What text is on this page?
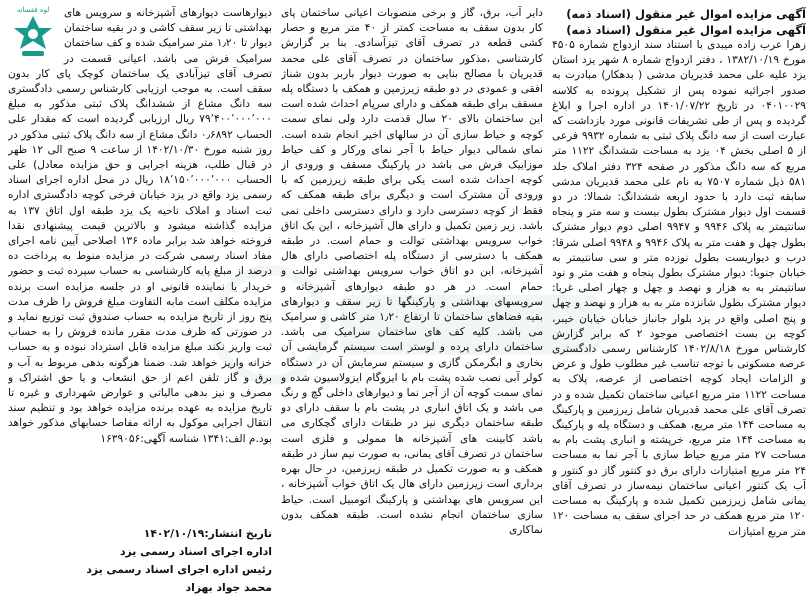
آگهی مزایده اموال غیر منقول (اسناد ذمه)

آگهی مزایده اموال غیر منقول (اسناد ذمه)

زهرا عرب زاده میبدی با استناد سند ازدواج شماره ۴۵۰۵ مورخ ۱۳۸۲/۱۰/۱۹ ، دفتر ازدواج شماره ۸ شهر یزد استان یزد علیه علی محمد قدیریان مدشی ( بدهکار) مبادرت به صدور اجرائیه نموده پس از تشکیل پرونده به کلاسه ۰۴۰۱۰۰۲۹ در تاریخ ۱۴۰۱/۰۷/۲۲ در اداره اجرا و ابلاغ گردیده و پس از طی تشریفات قانونی مورد بازداشت که عبارت است از سه دانگ پلاک ثبتی به شماره ۹۹۳۲ فرعی از ۵ اصلی بخش ۰۴ یزد به مساحت ششدانگ ۱۱۲۲ متر مربع که سه دانگ مذکور در صفحه ۳۲۴ دفتر املاک جلد ۵۸۱ ذیل شماره ۷۵۰۷ به نام علی محمد قدیریان مدشی سابقه ثبت دارد با حدود اربعه ششدانگ: شمالا: در دو قسمت اول دیوار مشترک بطول بیست و سه متر و پنجاه سانتیمتر به پلاک ۹۹۴۶ و ۹۹۴۷ اصلی دوم دیوار مشترک بطول چهل و هفت متر به پلاک ۹۹۴۶ و ۹۹۴۸ اصلی شرقا: درب و دیواریست بطول نوزده متر و سی سانتیمتر به خیابان جنوبا: دیوار مشترک بطول پنجاه و هفت متر و نود سانتیمتر به به هزار و نهصد و چهل و چهار اصلی غربا: دیوار مشترک بطول شانزده متر به به هزار و نهصد و چهل و پنج اصلی واقع در یزد بلوار جانباز خیابان خیابان خیبر، کوچه بن بست اختصاصی موجود ۲ که برابر گزارش کارشناس مورخ ۱۴۰۲/۸/۱۸ کارشناس رسمی دادگستری عرصه مسکونی با توجه تناسب غیر مطلوب طول و عرض و الزامات ایجاد کوچه اختصاصی از عرصه، پلاک به مساحت ۱۱۲۲ متر مربع اعیانی ساختمان تکمیل شده و در تصرف آقای علی محمد قدیریان شامل زیرزمین و پارکینگ به مساحت ۱۴۴ متر مربع، همکف و دستگاه پله و پارکینگ به مساحت ۱۴۴ متر مربع، خرپشته و انباری پشت بام به مساحت ۲۷ متر مربع حیاط سازی با آجر نما به مساحت ۲۴ متر مربع امتیازات دارای برق دو کنتور گاز دو کنتور و آب یک کنتور اعیانی ساختمان نیمه‌ساز در تصرف آقای یمانی شامل زیرزمین تکمیل شده و پارکینگ به مساحت ۱۲۰ متر مربع همکف در حد اجرای سقف به مساحت ۱۲۰ متر مربع امتیازات

دایر آب، برق، گاز و برخی منصوبات اعیانی ساختمان پای کار بدون سقف به مساحت کمتر از ۴۰ متر مربع و حصار کشی قطعه در تصرف آقای تیزآسادی. بنا بر گزارش کارشناسی ،مذکور ساختمان در تصرف آقای علی محمد قدیریان با مصالح بنایی به صورت دیوار باربر بدون شناژ افقی و عمودی در دو طبقه زیرزمین و همکف با دستگاه پله مسقف برای طبقه همکف و دارای سرپام احداث شده است این ساختمان بالای ۲۰ سال قدمت دارد ولی نمای سمت کوچه و حیاط سازی آن در سالهای اخیر انجام شده است. نمای شمالی دیوار حیاط با آجر نمای ورکار و کف حیاط موزاییک فرش می باشد در پارکینگ مسقف و ورودی از کوچه احداث شده است یکی برای طبقه زیرزمین که با ورودی آن مشترک است و دیگری برای طبقه همکف که فقط از کوچه دسترسی دارد و دارای دسترسی داخلی نمی باشد. زیر زمین تکمیل و دارای هال آشپزخانه ، این یک اتاق خواب سرویس بهداشتی توالت و حمام است. در طبقه همکف با دسترسی از دستگاه پله اختصاصی دارای هال آشپزخانه، این دو اتاق خواب سرویس بهداشتی توالت و حمام است. در هر دو طبقه دیوارهای آشپزخانه و سرویسهای بهداشتی و پارکینگها تا زیر سقف و دیوارهای بقیه فضاهای ساختمان تا ارتفاع ۱٫۲۰ متر کاشی و سرامیک می باشد. کلیه کف های ساختمان سرامیک می باشد. ساختمان دارای پرده و لوستر است سیستم گرمایشی آن بخاری و ابگرمکن گازی و سیستم سرمایش آن در دستگاه کولر آبی نصب شده پشت بام با ایزوگام ایزولاسیون شده و نمای سمت کوچه آن از آجر نما و دیوارهای داخلی گچ و رنگ می باشد و یک اتاق انباری در پشت بام با سقف دارای دو طبقه ساختمان دیگری نیز در طبقات دارای گچکاری می باشد کابینت های آشپزخانه ها ممولی و فلزی است ساختمان در تصرف آقای یمانی، به صورت نیم ساز در طبقه همکف و به صورت تکمیل در طبقه زیرزمین، در حال بهره برداری است زیرزمین دارای هال یک اتاق خواب آشپزخانه ، این سرویس های بهداشتی و پارکینگ اتومبیل است. حیاط سازی ساختمان انجام نشده است. طبقه همکف بدون نماکاری

دیوارهاست دیوارهای آشپزخانه و سرویس های بهداشتی تا زیر سقف کاشی و در بقیه ساختمان دیوار تا ۱٫۲۰ متر سرامیک شده و کف ساختمان سرامیک فرش می باشد. اعیانی قسمت در تصرف آقای تیزآبادی یک ساختمان کوچک پای کار بدون سقف است. به موجب ارزیابی کارشناس رسمی دادگستری سه دانگ مشاع از ششدانگ پلاک ثبتی مذکور به مبلغ ۷۹٬۴۰۰٬۰۰۰٬۰۰۰ ریال ارزیابی گردیده است که مقدار علی الحساب ۰٫۶۸۹۲ دانگ مشاع از سه دانگ پلاک ثبتی مذکور در روز شنبه مورخ ۱۴۰۲/۱۰/۳۰ از ساعت ۹ صبح الی ۱۲ ظهر در قبال طلب، هزینه اجرایی و حق مزایده معادل) علی الحساب ۱۸٬۱۵۰٬۰۰۰٬۰۰۰ ریال در محل اداره اجرای اسناد رسمی یزد واقع در یزد خیابان فرخی کوچه دادگستری اداره ثبت اسناد و املاک ناحیه یک یزد طبقه اول اتاق ۱۳۷ به مزایده گذاشته میشود و بالاترین قیمت پیشنهادی نقدا فروخته خواهد شد برابر ماده ۱۳۶ اصلاحی آیین نامه اجرای مفاد اسناد رسمی شرکت در مزایده منوط به پرداخت ده درصد از مبلغ پایه کارشناسی به حساب سپرده ثبت و حضور خریدار یا نماینده قانونی او در جلسه مزایده است برنده مزایده مکلف است مابه التفاوت مبلغ فروش را ظرف مدت پنج روز از تاریخ مزایده به حساب صندوق ثبت توزیع نماید و در صورتی که ظرف مدت مقرر مانده فروش را به حساب ثبت واریز نکند مبلغ مزایده قابل استرداد نبوده و به حساب خزانه واریز خواهد شد. ضمنا هرگونه بدهی مربوط به آب و برق و گاز تلفن اعم از حق انشعاب و یا حق اشتراک و مصرف و نیز بدهی مالیاتی و عوارض شهرداری و غیره تا تاریخ مزایده به عهده برنده مزایده خواهد بود و تنظیم سند انتقال اجرایی موکول به ارائه مفاصا حسابهای مذکور خواهد بود.م الف:۱۳۴۱ شناسه آگهی:۱۶۳۹۰۵۶

تاریخ انتشار:۱۴۰۲/۱۰/۱۹
اداره اجرای اسناد رسمی یزد
رئیس اداره اجرای اسناد رسمی یزد
محمد جواد بهزاد
لوه فقسانه
